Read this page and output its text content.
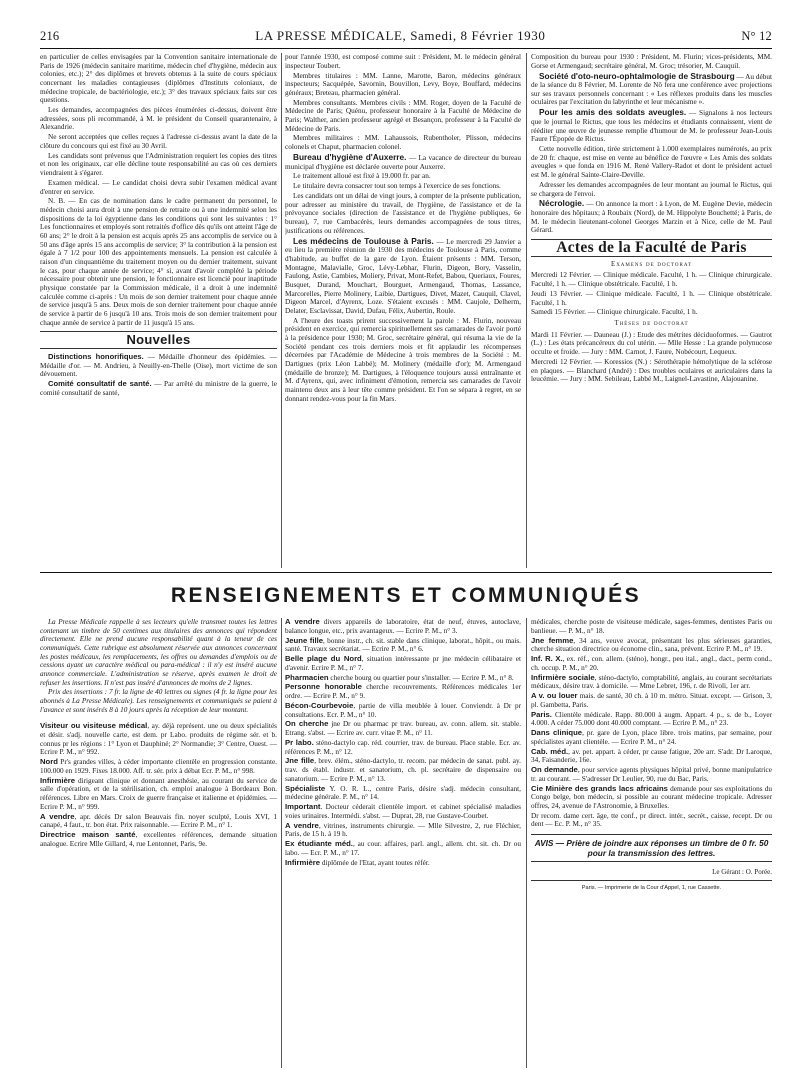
216	LA PRESSE MÉDICALE, Samedi, 8 Février 1930	N° 12

en particulier de celles envisagées par la Convention sanitaire internationale de Paris de 1926 (médecin sanitaire maritime, médecin chef d'hygiène, médecin aux colonies, etc.); 2° des diplômes et brevets obtenus à la suite de cours spéciaux concernant les maladies contagieuses (diplômes d'Instituts coloniaux, de médecine tropicale, de bactériologie, etc.); 3° des travaux spéciaux faits sur ces questions.

Les demandes, accompagnées des pièces énumérées ci-dessus, doivent être adressées, sous pli recommandé, à M. le président du Conseil quarantenaire, à Alexandrie.

Ne seront acceptées que celles reçues à l'adresse ci-dessus avant la date de la clôture du concours qui est fixé au 30 Avril.

Les candidats sont prévenus que l'Administration requiert les copies des titres et non les originaux, car elle décline toute responsabilité au cas où ces derniers viendraient à s'égarer.

Examen médical. — Le candidat choisi devra subir l'examen médical avant d'entrer en service.

N. B. — En cas de nomination dans le cadre permanent du personnel, le médecin choisi aura droit à une pension de retraite ou à une indemnité selon les dispositions de la loi égyptienne dans les conditions qui sont les suivantes : 1° Les fonctionnaires et employés sont retraités d'office dès qu'ils ont atteint l'âge de 60 ans; 2° le droit à la pension est acquis après 25 ans accomplis de service ou à 50 ans d'âge après 15 ans accomplis de service; 3° la contribution à la pension est égale à 7 1/2 pour 100 des appointements mensuels. La pension est calculée à raison d'un cinquantième du traitement moyen ou du dernier traitement, suivant le cas, pour chaque année de service; 4° si, avant d'avoir complété la période nécessaire pour obtenir une pension, le fonctionnaire est licencié pour inaptitude physique constatée par la Commission médicale, il a droit à une indemnité calculée comme ci-après : Un mois de son dernier traitement pour chaque année de service jusqu'à 5 ans. Deux mois de son dernier traitement pour chaque année de service à partir de 6 jusqu'à 10 ans. Trois mois de son dernier traitement pour chaque année de service à partir de 11 jusqu'à 15 ans.

Nouvelles

Distinctions honorifiques. — Médaille d'honneur des épidémies. — Médaille d'or. — M. Andrieu, à Neuilly-en-Thelle (Oise), mort victime de son dévouement.

Comité consultatif de santé. — Par arrêté du ministre de la guerre, le comité consultatif de santé,

pour l'année 1930, est composé comme suit : Président, M. le médecin général inspecteur Toubert.

Membres titulaires : MM. Lanne, Marotte, Baron, médecins généraux inspecteurs; Sacquépée, Savornin, Bouvillon, Levy, Boye, Bouffard, médecins généraux; Breteau, pharmacien général.

Membres consultants. Membres civils : MM. Roger, doyen de la Faculté de Médecine de Paris; Quénu, professeur honoraire à la Faculté de Médecine de Paris; Walther, ancien professeur agrégé et Besançon, professeur à la Faculté de Médecine de Paris.

Membres militaires : MM. Lahaussois, Rubentholer, Plisson, médecins colonels et Chaput, pharmacien colonel.

Bureau d'hygiène d'Auxerre. — La vacance de directeur du bureau municipal d'hygiène est déclarée ouverte pour Auxerre.

Le traitement alloué est fixé à 19.000 fr. par an.

Le titulaire devra consacrer tout son temps à l'exercice de ses fonctions.

Les candidats ont un délai de vingt jours, à compter de la présente publication, pour adresser au ministère du travail, de l'hygiène, de l'assistance et de la prévoyance sociales (direction de l'assistance et de l'hygiène publiques, 6e bureau), 7, rue Cambacérès, leurs demandes accompagnées de tous titres, justifications ou références.

Les médecins de Toulouse à Paris. — Le mercredi 29 Janvier a eu lieu la première réunion de 1930 des médecins de Toulouse à Paris, comme d'habitude, au buffet de la gare de Lyon. Étaient présents : MM. Terson, Montagne, Malavialle, Groc, Lévy-Lebhar, Flurin, Digeon, Bory, Vasselin, Faulong, Astie, Cambies, Moliery, Privat, Mont-Refet, Babou, Queriaux, Foures, Busquet, Durand, Mouchart, Bourguet, Armengaud, Thomas, Lassance, Marcorelles, Pierre Molinery, Laibie, Dartigues, Divet, Mazet, Cauquil, Clavel, Digeon Marcel, d'Ayrenx, Loze. S'étaient excusés : MM. Caujole, Delherm, Delater, Esclavissat, David, Dufau, Félix, Aubertin, Roule.

A l'heure des toasts prirent successivement la parole : M. Flurin, nouveau président en exercice, qui remercia spirituellement ses camarades de l'avoir porté à la présidence pour 1930; M. Groc, secrétaire général, qui résuma la vie de la Société pendant ces trois derniers mois et fit applaudir les récompenses décernées par l'Académie de Médecine à trois membres de la Société : M. Dartigues (prix Léon Labbé); M. Molinery (médaille d'or); M. Armengaud (médaille de bronze); M. Dartigues, à l'éloquence toujours aussi entraînante et M. d'Ayrenx, qui, avec infiniment d'émotion, remercia ses camarades de l'avoir maintenu deux ans à leur tête comme président. Et l'on se sépara à regret, en se donnant rendez-vous pour la fin Mars.

Composition du bureau pour 1930 : Président, M. Flurin; vices-présidents, MM. Gorse et Armengaud; secrétaire général, M. Groc; trésorier, M. Cauquil.

Société d'oto-neuro-ophtalmologie de Strasbourg — Au début de la séance du 8 Février, M. Lorente de Nô fera une conférence avec projections sur ses travaux personnels concernant : « Les réflexes produits dans les muscles oculaires par l'excitation du labyrinthe et leur mécanisme ».

Pour les amis des soldats aveugles. — Signalons à nos lecteurs que le journal le Rictus, que tous les médecins et étudiants connaissent, vient de rééditer une œuvre de jeunesse remplie d'humour de M. le professeur Jean-Louis Faure l'Épopée de Rictus.

Cette nouvelle édition, tirée strictement à 1.000 exemplaires numérotés, au prix de 20 fr. chaque, est mise en vente au bénéfice de l'œuvre « Les Amis des soldats aveugles » que fonda en 1916 M. René Vallery-Radot et dont le président actuel est M. le général Sainte-Claire-Deville.

Adresser les demandes accompagnées de leur montant au journal le Rictus, qui se chargera de l'envoi.

Nécrologie. — On annonce la mort : à Lyon, de M. Eugène Devie, médecin honoraire des hôpitaux; à Roubaix (Nord), de M. Hippolyte Bouchetté; à Paris, de M. le médecin lieutenant-colonel Georges Marzin et à Nice, celle de M. Paul Gérard.

Actes de la Faculté de Paris
Examens de doctorat

Mercredi 12 Février. — Clinique médicale. Faculté, 1 h. — Clinique chirurgicale. Faculté, 1 h. — Clinique obstétricale. Faculté, 1 h.

Jeudi 13 Février. — Clinique médicale. Faculté, 1 h. — Clinique obstétricale. Faculté, 1 h.

Samedi 15 Février. — Clinique chirurgicale. Faculté, 1 h.

Thèses de doctorat

Mardi 11 Février. — Dauneau (J.) : Etude des métrites déciduoformes. — Gautrot (L.) : Les états précancéreux du col utérin. — Mlle Hesse : La grande polynucose occulte et froide. — Jury : MM. Carnot, J. Faure, Nobécourt, Lequeux.

Mercredi 12 Février. — Koressios (N.) : Sérothérapie hémolytique de la sclérose en plaques. — Blanchard (André) : Des troubles oculaires et auriculaires dans la leucémie. — Jury : MM. Sebileau, Labbé M., Laignel-Lavastine, Alajouanine.

RENSEIGNEMENTS ET COMMUNIQUÉS

La Presse Médicale rappelle à ses lecteurs qu'elle transmet toutes les lettres contenant un timbre de 50 centimes aux titulaires des annonces qui répondent directement. Elle ne prend aucune responsabilité quant à la teneur de ces communiqués. Cette rubrique est absolument réservée aux annonces concernant les postes médicaux, les remplacements, les offres ou demandes d'emplois ou de cessions ayant un caractère médical ou para-médical : il n'y est inséré aucune annonce commerciale. L'administration se réserve, après examen le droit de refuser les insertions. Il n'est pas inséré d'annonces de moins de 2 lignes.

Prix des insertions : 7 fr. la ligne de 40 lettres ou signes (4 fr. la ligne pour les abonnés à La Presse Médicale). Les renseignements et communiqués se paient à l'avance et sont insérés 8 à 10 jours après la réception de leur montant.

Visiteur ou visiteuse médical, ay. déjà représent. une ou deux spécialités et désir. s'adj. nouvelle carte, est dem. pr Labo. produits de régime sér. et b. connus pr les régions : 1° Lyon et Dauphiné; 2° Normandie; 3° Centre, Ouest. — Ecrire P. M., n° 992.

Nord Pr's grandes villes, à céder importante clientèle en progression constante. 100.000 en 1929. Fixes 18.000. Aff. tr. sér. prix à débat Ecr. P. M., n° 998.

Infirmière dirigeant clinique et donnant anesthésie, au courant du service de salle d'opération, et de la stérilisation, ch. emploi analogue à Bordeaux Bon. références. Libre en Mars. Croix de guerre française et italienne et épidémies. — Ecrire P. M., n° 999.

A vendre, apr. décès Dr salon Beauvais fin. noyer sculpté, Louis XVI, 1 canapé, 4 faut., tr. bon état. Prix raisonnable. — Ecrire P. M., n° 1.

Directrice maison santé, excellentes références, demande situation analogue. Ecrire Mlle Gillard, 4, rue Lentonnet, Paris, 9e.

A vendre divers appareils de laboratoire, état de neuf, étuves, autoclave, balance longue, etc., prix avantageux. — Ecrire P. M., n° 3.

Jeune fille, bonne instr., ch. sit. stable dans clinique, laborat., hôpit., ou mais. santé. Travaux secrétariat. — Ecrire P. M., n° 6.

Belle plage du Nord, situation intéressante pr jne médecin célibataire et d'avenir. Ecrire P. M., n° 7.

Pharmacien cherche bourg ou quartier pour s'installer. — Ecrire P. M., n° 8.

Personne honorable cherche recouvrements. Références médicales 1er ordre. — Ecrire P. M., n° 9.

Bécon-Courbevoie, partie de villa meublée à louer. Conviendr. à Dr pr consultations. Ecr. P. M., n° 10.

On cherche jne Dr ou pharmac pr trav. bureau, av. conn. allem. sit. stable. Etrang. s'abst. — Ecrire av. curr. vitae P. M., n° 11.

Pr labo. sténo-dactylo cap. réd. courrier, trav. de bureau. Place stable. Ecr. av. références P. M., n° 12.

Jne fille, brev. élém., sténo-dactylo, tr. recom. par médecin de sanat. publ. ay. trav. ds établ. industr. et sanatorium, ch. pl. secrétaire de dispensaire ou sanatorium. — Ecrire P. M., n° 13.

Spécialiste Y. O. R. L., centre Paris, désire s'adj. médecin consultant, médecine générale. P. M., n° 14.

Important. Docteur céderait clientèle import. et cabinet spécialisé maladies voies urinaires. Intermédi. s'abst. — Duprat, 28, rue Gustave-Courbet.

A vendre, vitrines, instruments chirurgie. — Mlle Silvestre, 2, rue Fléchier, Paris, de 15 h. à 19 h.

Ex étudiante méd., au cour. affaires, parl. angl., allem. cht. sit. ch. Dr ou labo. — Ecr. P. M., n° 17.

Infirmière diplômée de l'Etat, ayant toutes référ.

médicales, cherche poste de visiteuse médicale, sages-femmes, dentistes Paris ou banlieue. — P. M., n° 18.

Jne femme, 34 ans, veuve avocat, présentant les plus sérieuses garanties, cherche situation directrice ou économe clin., sana, prévent. Ecrire P. M., n° 19.

Inf. R. X., ex. réf., con. allem. (sténo), hongr., peu ital., angl., dact., perm cond., ch. occup. P. M., n° 20.

Infirmière sociale, sténo-dactylo, comptabilité, anglais, au courant secrétariats médicaux, désire trav. à domicile. — Mme Lebret, 196, r. de Rivoli, 1er arr.

A v. ou louer mais. de santé, 30 ch. à 10 m. métro. Situat. except. — Grison, 3, pl. Gambetta, Paris.

Paris. Clientèle médicale. Rapp. 80.000 à augm. Appart. 4 p., s. de b., Loyer 4.000. A céder 75.000 dont 40.000 comptant. — Ecrire P. M., n° 23.

Dans clinique, pr. gare de Lyon, place libre. trois matins, par semaine, pour spécialistes ayant clientèle. — Ecrire P. M., n° 24.

Cab. méd., av. pet. appart. à céder, pr cause fatigue, 20e arr. S'adr. Dr Laroque, 34, Faisanderie, 16e.

On demande, pour service agents physiques hôpital privé, bonne manipulatrice tr. au courant. — S'adresser Dr Leulier, 90, rue du Bac, Paris.

Cie Minière des grands lacs africains demande pour ses exploitations du Congo belge, bon médecin, si possible au courant médecine tropicale. Adresser offres, 24, avenue de l'Astronomie, à Bruxelles.

Dr recom. dame cert. âge, tte conf., pr direct. intér., secrét., caisse, recept. Dr ou dent — Ec. P. M., n° 35.

AVIS — Prière de joindre aux réponses un timbre de 0 fr. 50 pour la transmission des lettres.
Le Gérant : O. Porée.
Paris. — Imprimerie de la Cour d'Appel, 1, rue Cassette.
